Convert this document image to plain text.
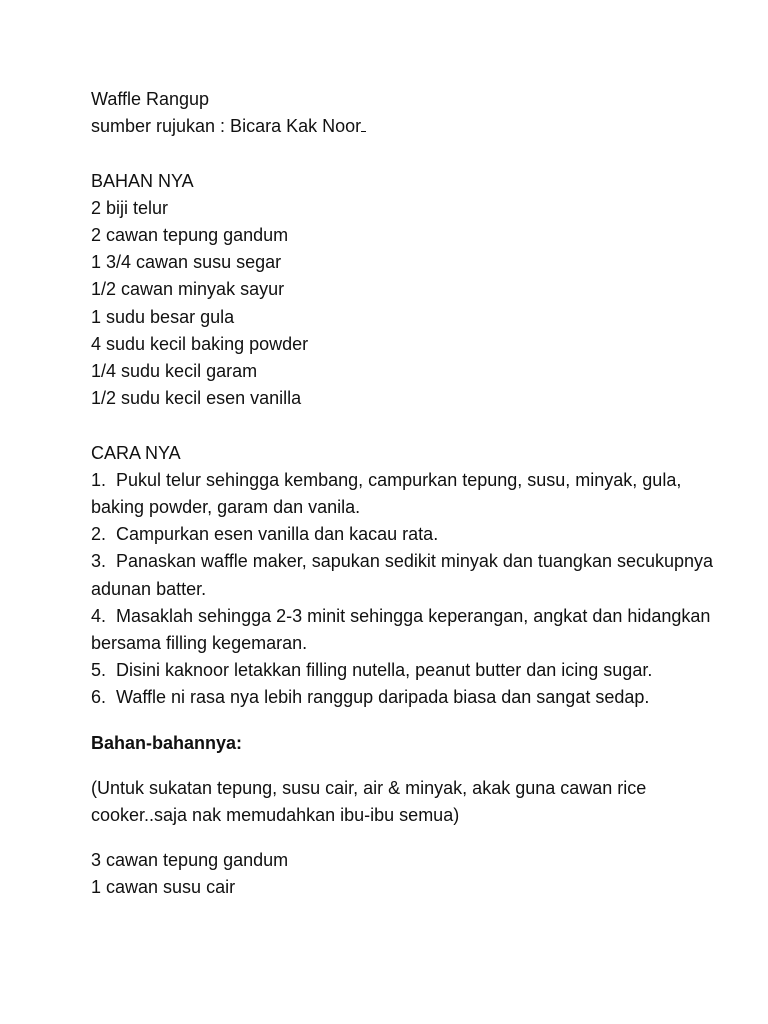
Waffle Rangup
sumber rujukan : Bicara Kak Noor
BAHAN NYA
2 biji telur
2 cawan tepung gandum
1 3/4 cawan susu segar
1/2 cawan minyak sayur
1 sudu besar gula
4 sudu kecil baking powder
1/4 sudu kecil garam
1/2 sudu kecil esen vanilla
CARA NYA
1. Pukul telur sehingga kembang, campurkan tepung, susu, minyak, gula, baking powder, garam dan vanila.
2. Campurkan esen vanilla dan kacau rata.
3. Panaskan waffle maker, sapukan sedikit minyak dan tuangkan secukupnya adunan batter.
4. Masaklah sehingga 2-3 minit sehingga keperangan, angkat dan hidangkan bersama filling kegemaran.
5. Disini kaknoor letakkan filling nutella, peanut butter dan icing sugar.
6. Waffle ni rasa nya lebih ranggup daripada biasa dan sangat sedap.
Bahan-bahannya:
(Untuk sukatan tepung, susu cair, air & minyak, akak guna cawan rice cooker..saja nak memudahkan ibu-ibu semua)
3 cawan tepung gandum
1 cawan susu cair
